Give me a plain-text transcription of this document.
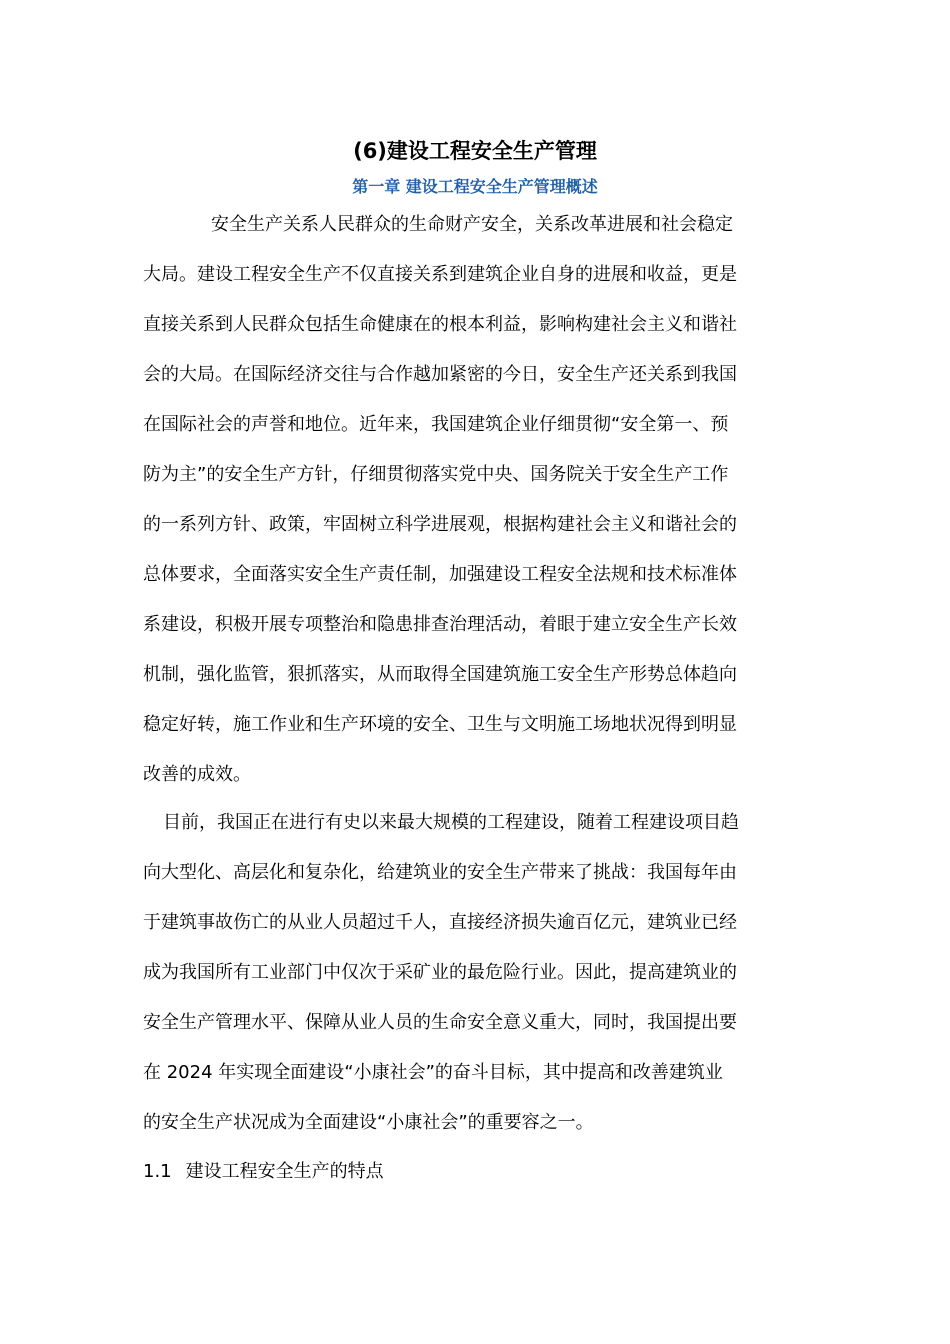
(6)建设工程安全生产管理
第一章 建设工程安全生产管理概述
安全生产关系人民群众的生命财产安全，关系改革进展和社会稳定
大局。建设工程安全生产不仅直接关系到建筑企业自身的进展和收益，更是
直接关系到人民群众包括生命健康在的根本利益，影响构建社会主义和谐社
会的大局。在国际经济交往与合作越加紧密的今日，安全生产还关系到我国
在国际社会的声誉和地位。近年来，我国建筑企业仔细贯彻“安全第一、预
防为主”的安全生产方针，仔细贯彻落实党中央、国务院关于安全生产工作
的一系列方针、政策，牢固树立科学进展观，根据构建社会主义和谐社会的
总体要求，全面落实安全生产责任制，加强建设工程安全法规和技术标准体
系建设，积极开展专项整治和隐患排查治理活动，着眼于建立安全生产长效
机制，强化监管，狠抓落实，从而取得全国建筑施工安全生产形势总体趋向
稳定好转，施工作业和生产环境的安全、卫生与文明施工场地状况得到明显
改善的成效。
目前，我国正在进行有史以来最大规模的工程建设，随着工程建设项目趋
向大型化、高层化和复杂化，给建筑业的安全生产带来了挑战：我国每年由
于建筑事故伤亡的从业人员超过千人，直接经济损失逾百亿元，建筑业已经
成为我国所有工业部门中仅次于采矿业的最危险行业。因此，提高建筑业的
安全生产管理水平、保障从业人员的生命安全意义重大，同时，我国提出要
在 2024 年实现全面建设“小康社会”的奋斗目标，其中提高和改善建筑业
的安全生产状况成为全面建设“小康社会”的重要容之一。
1.1 建设工程安全生产的特点
